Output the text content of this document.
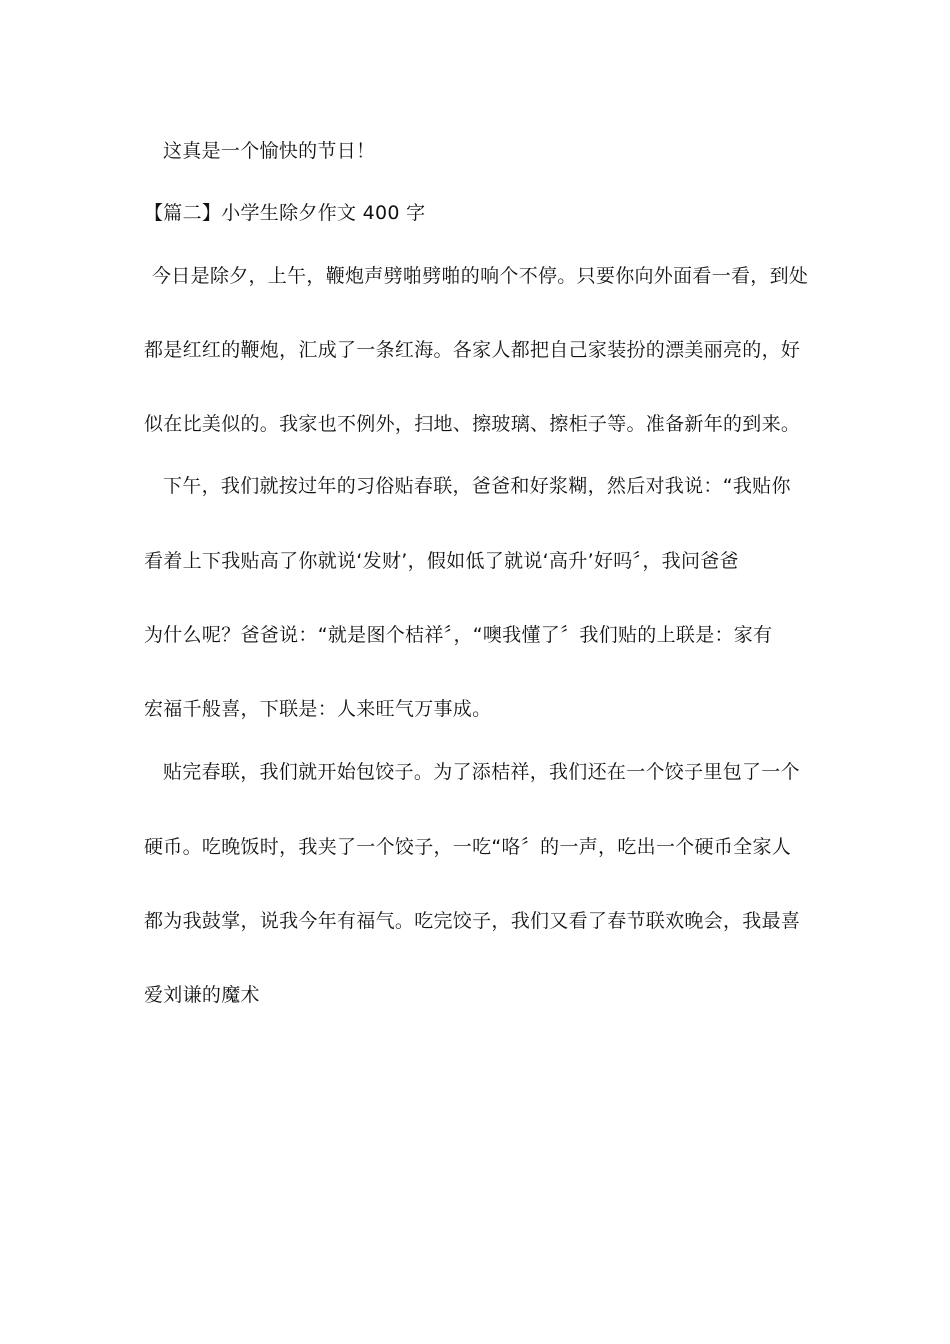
这真是一个愉快的节日！
【篇二】小学生除夕作文 400 字
今日是除夕，上午，鞭炮声劈啪劈啪的响个不停。只要你向外面看一看，到处
都是红红的鞭炮，汇成了一条红海。各家人都把自己家装扮的漂美丽亮的，好
似在比美似的。我家也不例外，扫地、擦玻璃、擦柜子等。准备新年的到来。
下午，我们就按过年的习俗贴春联，爸爸和好浆糊，然后对我说：“我贴你
看着上下我贴高了你就说‘发财’，假如低了就说‘高升’好吗〞，我问爸爸
为什么呢？爸爸说：“就是图个桔祥〞，“噢我懂了〞我们贴的上联是：家有
宏福千般喜，下联是：人来旺气万事成。
贴完春联，我们就开始包饺子。为了添桔祥，我们还在一个饺子里包了一个
硬币。吃晚饭时，我夹了一个饺子，一吃“咯〞的一声，吃出一个硬币全家人
都为我鼓掌，说我今年有福气。吃完饺子，我们又看了春节联欢晚会，我最喜
爱刘谦的魔术
